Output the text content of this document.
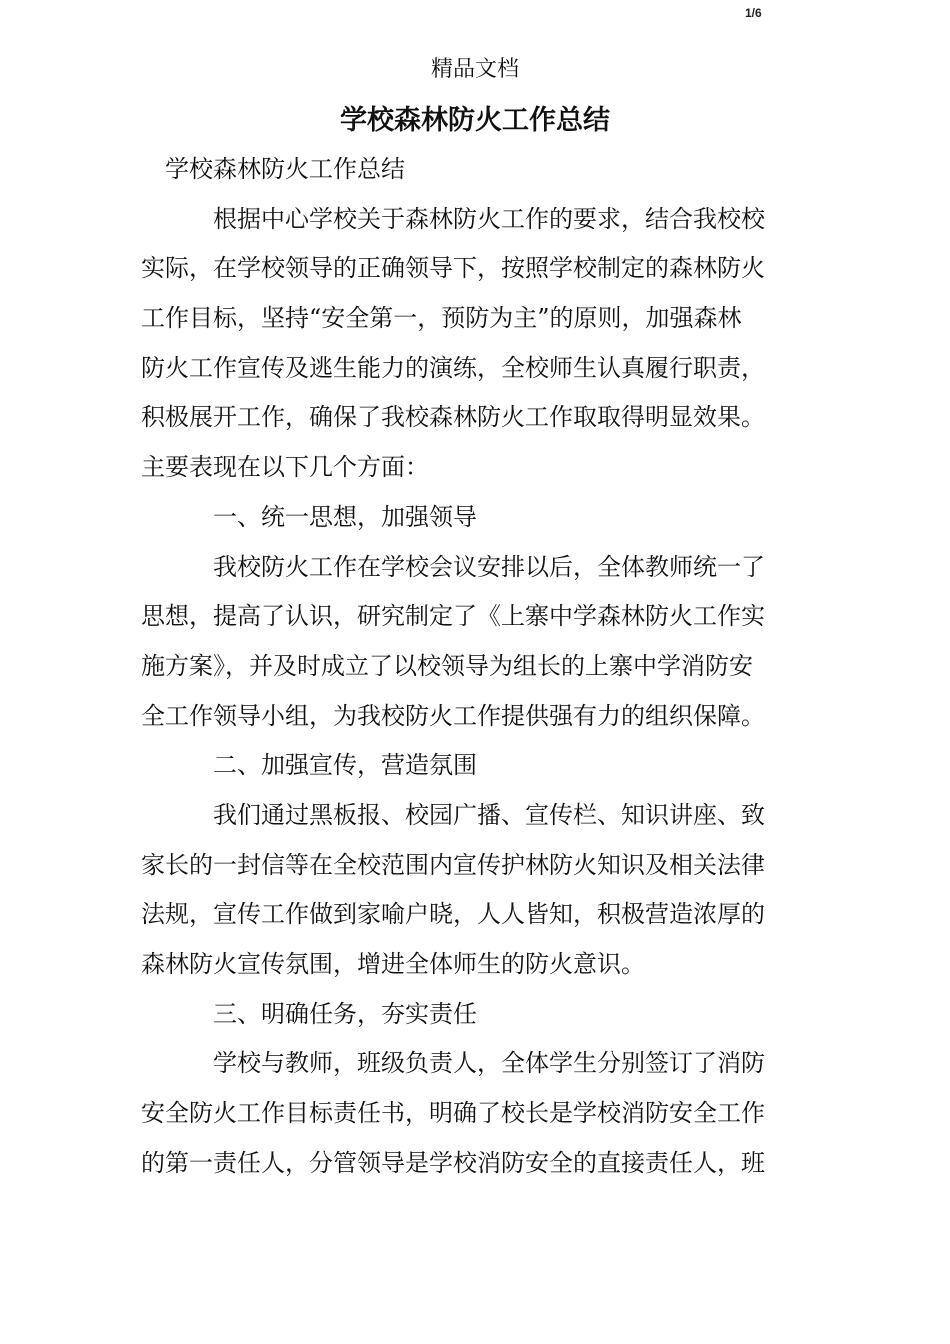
1/6
精品文档
学校森林防火工作总结
学校森林防火工作总结
根据中心学校关于森林防火工作的要求，结合我校校
实际，在学校领导的正确领导下，按照学校制定的森林防火
工作目标，坚持“安全第一，预防为主”的原则，加强森林
防火工作宣传及逃生能力的演练，全校师生认真履行职责，
积极展开工作，确保了我校森林防火工作取取得明显效果。
主要表现在以下几个方面：
一、统一思想，加强领导
我校防火工作在学校会议安排以后，全体教师统一了
思想，提高了认识，研究制定了《上寨中学森林防火工作实
施方案》，并及时成立了以校领导为组长的上寨中学消防安
全工作领导小组，为我校防火工作提供强有力的组织保障。
二、加强宣传，营造氛围
我们通过黑板报、校园广播、宣传栏、知识讲座、致
家长的一封信等在全校范围内宣传护林防火知识及相关法律
法规，宣传工作做到家喻户晓，人人皆知，积极营造浓厚的
森林防火宣传氛围，增进全体师生的防火意识。
三、明确任务，夯实责任
学校与教师，班级负责人，全体学生分别签订了消防
安全防火工作目标责任书，明确了校长是学校消防安全工作
的第一责任人，分管领导是学校消防安全的直接责任人，班
